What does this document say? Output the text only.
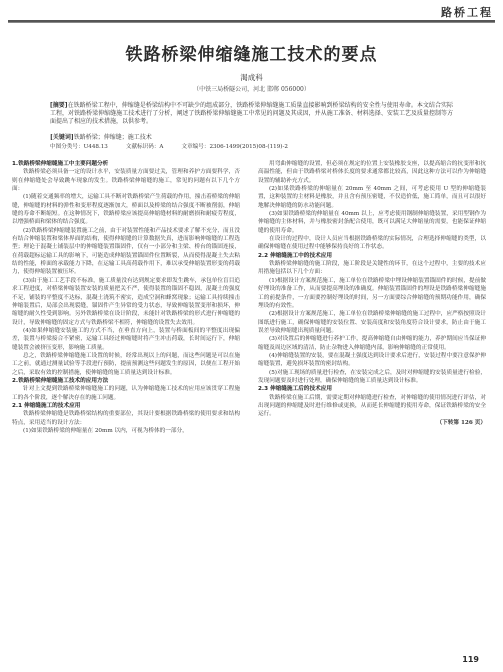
路桥工程
铁路桥梁伸缩缝施工技术的要点
渴成科
（中铁三局桥隧公司，河北 邯郸 056000）
[摘要]在铁路桥梁工程中，伸缩缝是桥梁结构中不可缺少的组成部分，铁路桥梁伸缩缝施工质量直接影响到桥梁结构的安全性与使用寿命。本文结合实际工程，对铁路桥梁伸缩缝施工技术进行了分析，阐述了铁路桥梁伸缩缝施工中常见的问题及其成因，并从施工准备、材料选择、安装工艺及质量控制等方面提出了相应的技术措施，以供参考。
[关键词]铁路桥梁；伸缩缝；施工技术
中图分类号：U448.13	文献标识码：A	文章编号：2306-1499(2015)08-(119)-2

1.铁路桥梁伸缩缝施工中主要问题分析

铁路桥梁必须具备一定的设计水平，安装质量方面要过关，管理和养护方面要科学，否则在伸缩缝处会导致跳车现象的发生。铁路桥梁伸缩缝的施工，常见的问题有以下几个方面：

(1)随着交通频率的增大，运输工具不断对铁路桥梁产生荷载的作用，撞击着桥梁的伸缩缝，伸缩缝的材料的弹性和变形程度逐渐加大，桥面以及桥梁的结合强度不断被削弱，伸缩缝的寿命不断缩短。在这种情况下，铁路桥梁应该提高伸缩缝材料的耐磨损和耐疲劳程度，以增强桥面和梁体的结合强度。

(2)铁路桥梁伸缩缝装置施工之前，由于对装置性能和产品技术要求了解不充分，而且没有结合伸缩装置和梁体界面的结构，使得伸缩缝的计算数据失真，进而影响伸缩缝的工程选型；理论于混凝土铺装层中的伸缩缝装置锚固件，仅有一小部分和主梁、桥台的锚固连接，在荷载超标运输工具的影响下，可能造成伸缩装置锚固件位置断裂，从而使得混凝土失去粘结的性能，桥面的承载能力下降，在运输工具高荷载作用下，难以承受伸缩装置形变的荷载力，使得伸缩装置被压坏。

(3)由于施工工艺手段不标准，施工质量没有达到规定要求即发生跳车，承包单位盲目追求工程进度，对桥梁伸缩装置安装的质量把关不严，使得装置的锚固不稳固，混凝土的强度不足，铺装的平整度不达标，混凝土浇筑不密实，造成空洞和蜂窝现象；运输工具持续撞击伸缩装置后，局部会出现裂缝，锚固件产生异常的受力状态，导致伸缩装置变形和损坏，伸缩缝的耐久性受到影响。另外铁路桥梁在设计阶段，未能针对铁路桥梁的形式进行伸缩缝的设计，导致伸缩缝的固定方式与铁路桥梁不相符，伸缩缝的设置失去效用。

(4)如果伸缩缝安装施工的方式不当，在垂直方向上，装置与桥面板间的平整度出现偏差，装置与桥梁接合不紧密，运输工具经过伸缩缝时将产生冲击荷载，长时间运行下，伸缩缝装置会被挤压变形，影响施工质量。

总之，铁路桥梁伸缩缝施工设置的时候，经常出现以上的问题，而这些问题是可以在施工之前，就通过测量试验等手段进行预防，提前预测这些问题发生的原因，以便在工程开始之后，采取有效的控制措施，使伸缩缝的施工质量达到设计标准。

2.铁路桥梁伸缩缝施工技术的应用方法

针对上文提到铁路桥梁伸缩缝施工的问题，认为伸缩缝施工技术的应用应该贯穿工程施工的各个阶段，逐个解决存在的施工问题。

2.1 伸缩缝施工的技术应用

铁路桥梁伸缩缝是铁路桥梁结构的重要部位，其设计要根据铁路桥梁的使用要求和结构特点，采用适当的设计方法：

(1)如果铁路桥梁的伸缩量在 20mm 以内，可视为桥体的一部分，

用弯曲伸缩缝的设置，但必须在规定的位置上安装橡胶支座，以提高缩合的抗变形和抗高温性能，但由于铁路桥梁对桥体长度的要求通常都比较高，因此这种方法可以作为伸缩缝设置的辅助补充方式。

(2)如果铁路桥梁的伸缩量在 20mm 至 40mm 之间，可考虑使用 U 型的伸缩缝装置，这种装置的主材料是橡胶，并且含有预压密缝，不仅造价低，施工简单，而且可以很好地解决伸缩缝的防水功能问题。

(3)如果铁路桥梁的伸缩量在 40mm 以上，应考虑使用钢制伸缩缝装置，采用型钢作为伸缩缝的主体材料，并与橡胶密封条配合使用，既可以满足大伸缩量的需要，也能保证伸缩缝的使用寿命。

在设计的过程中，设计人员应当根据铁路桥梁的实际情况，合理选择伸缩缝的类型，以确保伸缩缝在使用过程中能够保持良好的工作状态。

2.2 伸缩缝施工中的技术应用

铁路桥梁伸缩缝的施工阶段，施工阶段是关键性的环节，在这个过程中，主要的技术应用措施包括以下几个方面：

(1)根据设计方案规范施工，施工单位在铁路桥梁中埋设伸缩装置锚固件的时候，提前做好埋设的准备工作，从而要提高埋设的准确度。伸缩装置锚固件的埋设是铁路桥梁伸缩缝施工的前提条件，一方面要控制好埋设的时间，另一方面要综合伸缩缝的预期功能作用，确保埋设的有效性。

(2)根据设计方案规范施工，施工单位在铁路桥梁伸缩缝的施工过程中，应严格按照设计图纸进行施工，确保伸缩缝的安装位置、安装高度和安装角度符合设计要求，防止由于施工误差导致伸缩缝出现质量问题。

(3)对设置后的伸缩缝进行养护工作，提高伸缩缝自由伸缩的能力，养护期间应当保证伸缩缝及周边区域的清洁，防止杂物进入伸缩缝内部，影响伸缩缝的正常使用。

(4)伸缩缝装置的安装，要在混凝土强度达到设计要求后进行，安装过程中要注意保护伸缩缝装置，避免损坏装置的密封结构。

(5)对施工现场的质量进行检查，在安装完成之后，及时对伸缩缝的安装质量进行检验，发现问题要及时进行处理，确保伸缩缝的施工质量达到设计标准。

2.3 伸缩缝施工后的技术应用

铁路桥梁在施工后期，需要定期对伸缩缝进行检查，对伸缩缝的使用情况进行评估，对出现问题的伸缩缝及时进行维修或更换，从而延长伸缩缝的使用寿命，保证铁路桥梁的安全运行。

（下转第 126 页）

119
